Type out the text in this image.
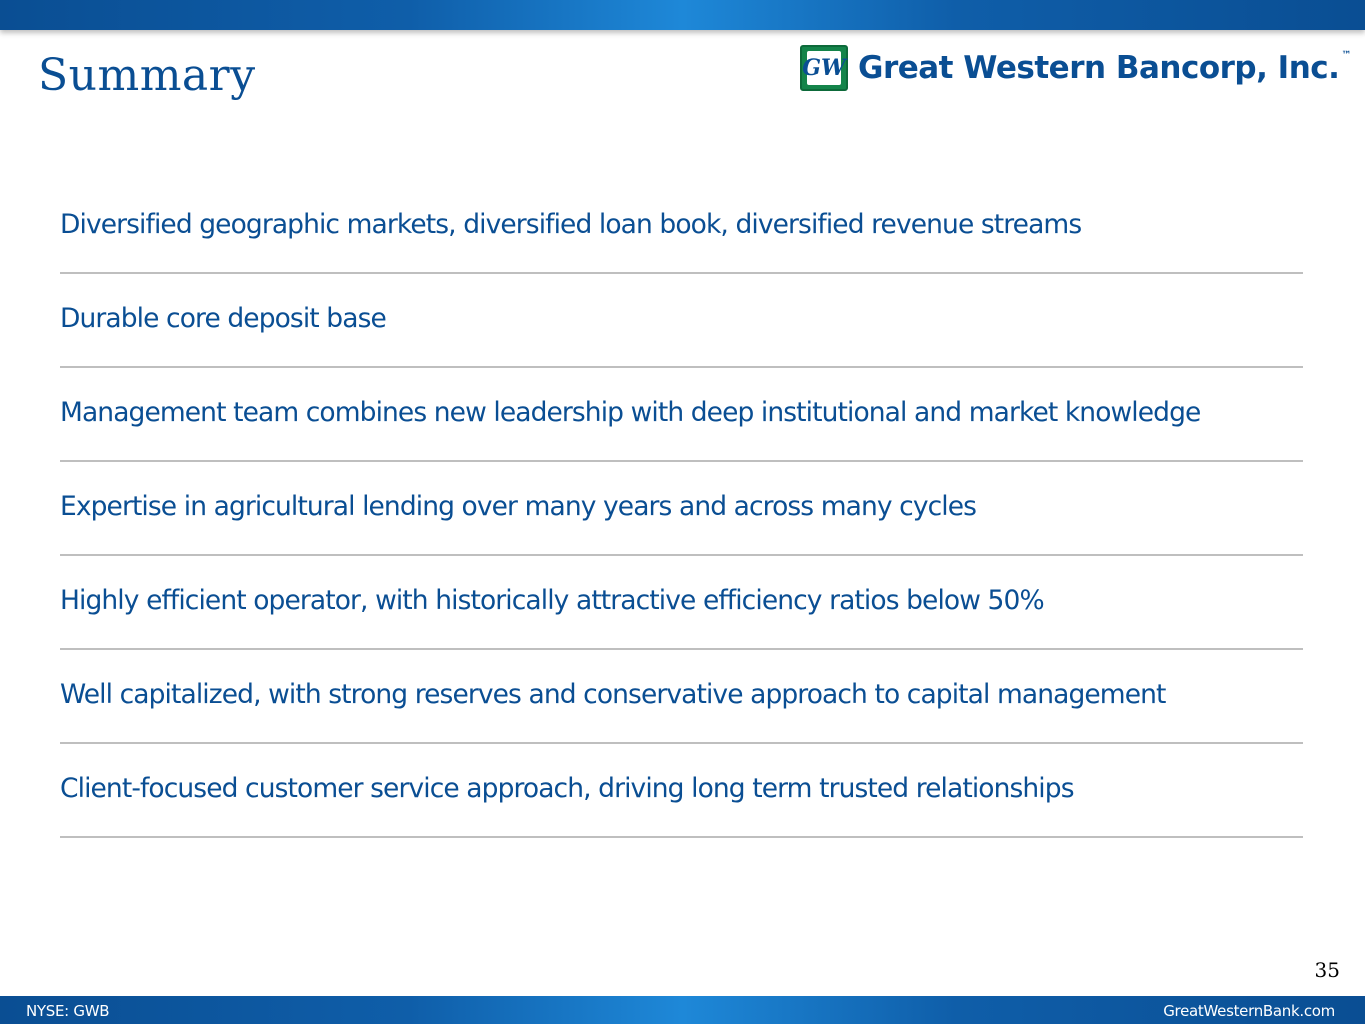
Summary	GW Great Western Bancorp, Inc. ™
Diversified geographic markets, diversified loan book, diversified revenue streams
Durable core deposit base
Management team combines new leadership with deep institutional and market knowledge
Expertise in agricultural lending over many years and across many cycles
Highly efficient operator, with historically attractive efficiency ratios below 50%
Well capitalized, with strong reserves and conservative approach to capital management
Client-focused customer service approach, driving long term trusted relationships
35
NYSE: GWB	GreatWesternBank.com
